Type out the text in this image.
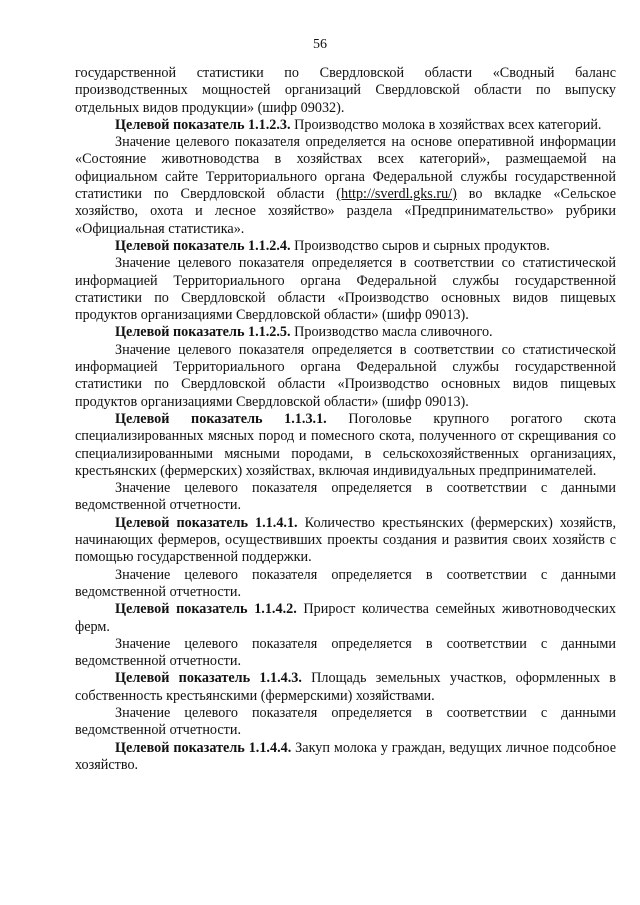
56

государственной статистики по Свердловской области «Сводный баланс производственных мощностей организаций Свердловской области по выпуску отдельных видов продукции» (шифр 09032).

Целевой показатель 1.1.2.3. Производство молока в хозяйствах всех категорий.

Значение целевого показателя определяется на основе оперативной информации «Состояние животноводства в хозяйствах всех категорий», размещаемой на официальном сайте Территориального органа Федеральной службы государственной статистики по Свердловской области (http://sverdl.gks.ru/) во вкладке «Сельское хозяйство, охота и лесное хозяйство» раздела «Предпринимательство» рубрики «Официальная статистика».

Целевой показатель 1.1.2.4. Производство сыров и сырных продуктов.

Значение целевого показателя определяется в соответствии со статистической информацией Территориального органа Федеральной службы государственной статистики по Свердловской области «Производство основных видов пищевых продуктов организациями Свердловской области» (шифр 09013).

Целевой показатель 1.1.2.5. Производство масла сливочного.

Значение целевого показателя определяется в соответствии со статистической информацией Территориального органа Федеральной службы государственной статистики по Свердловской области «Производство основных видов пищевых продуктов организациями Свердловской области» (шифр 09013).

Целевой показатель 1.1.3.1. Поголовье крупного рогатого скота специализированных мясных пород и помесного скота, полученного от скрещивания со специализированными мясными породами, в сельскохозяйственных организациях, крестьянских (фермерских) хозяйствах, включая индивидуальных предпринимателей.

Значение целевого показателя определяется в соответствии с данными ведомственной отчетности.

Целевой показатель 1.1.4.1. Количество крестьянских (фермерских) хозяйств, начинающих фермеров, осуществивших проекты создания и развития своих хозяйств с помощью государственной поддержки.

Значение целевого показателя определяется в соответствии с данными ведомственной отчетности.

Целевой показатель 1.1.4.2. Прирост количества семейных животноводческих ферм.

Значение целевого показателя определяется в соответствии с данными ведомственной отчетности.

Целевой показатель 1.1.4.3. Площадь земельных участков, оформленных в собственность крестьянскими (фермерскими) хозяйствами.

Значение целевого показателя определяется в соответствии с данными ведомственной отчетности.

Целевой показатель 1.1.4.4. Закуп молока у граждан, ведущих личное подсобное хозяйство.
